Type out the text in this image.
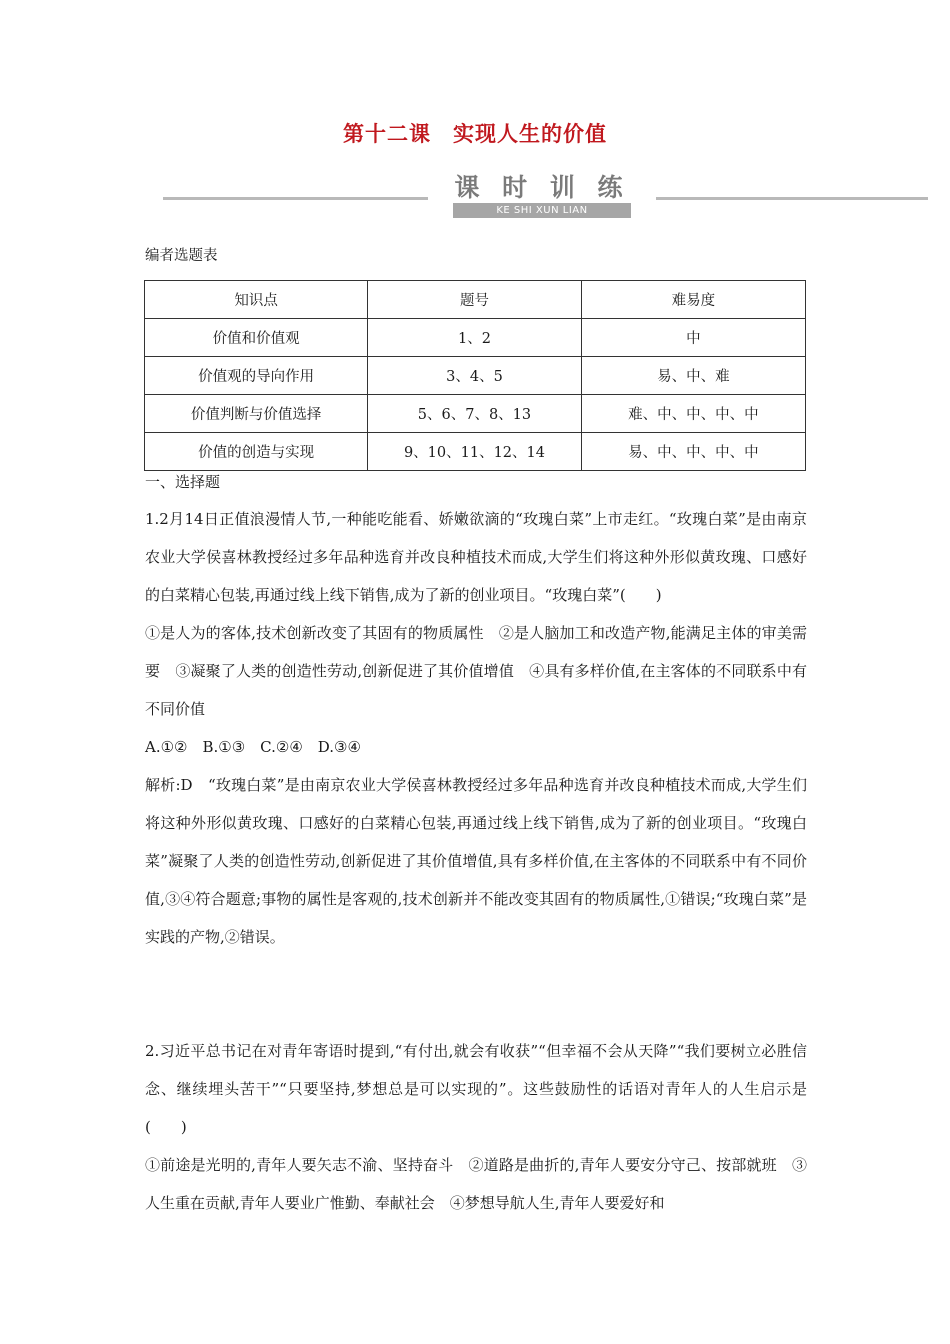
第十二课　实现人生的价值
课 时 训 练
KE SHI XUN LIAN
编者选题表
知识点	题号	难易度
价值和价值观	1、2	中
价值观的导向作用	3、4、5	易、中、难
价值判断与价值选择	5、6、7、8、13	难、中、中、中、中
价值的创造与实现	9、10、11、12、14	易、中、中、中、中
一、选择题

1.2月14日正值浪漫情人节,一种能吃能看、娇嫩欲滴的“玫瑰白菜”上市走红。“玫瑰白菜”是由南京农业大学侯喜林教授经过多年品种选育并改良种植技术而成,大学生们将这种外形似黄玫瑰、口感好的白菜精心包装,再通过线上线下销售,成为了新的创业项目。“玫瑰白菜”(　　)

①是人为的客体,技术创新改变了其固有的物质属性　②是人脑加工和改造产物,能满足主体的审美需要　③凝聚了人类的创造性劳动,创新促进了其价值增值　④具有多样价值,在主客体的不同联系中有不同价值

A.①②　B.①③　C.②④　D.③④

解析:D　“玫瑰白菜”是由南京农业大学侯喜林教授经过多年品种选育并改良种植技术而成,大学生们将这种外形似黄玫瑰、口感好的白菜精心包装,再通过线上线下销售,成为了新的创业项目。“玫瑰白菜”凝聚了人类的创造性劳动,创新促进了其价值增值,具有多样价值,在主客体的不同联系中有不同价值,③④符合题意;事物的属性是客观的,技术创新并不能改变其固有的物质属性,①错误;“玫瑰白菜”是实践的产物,②错误。

2.习近平总书记在对青年寄语时提到,“有付出,就会有收获”“但幸福不会从天降”“我们要树立必胜信念、继续埋头苦干”“只要坚持,梦想总是可以实现的”。这些鼓励性的话语对青年人的人生启示是(　　)

①前途是光明的,青年人要矢志不渝、坚持奋斗　②道路是曲折的,青年人要安分守己、按部就班　③人生重在贡献,青年人要业广惟勤、奉献社会　④梦想导航人生,青年人要爱好和
